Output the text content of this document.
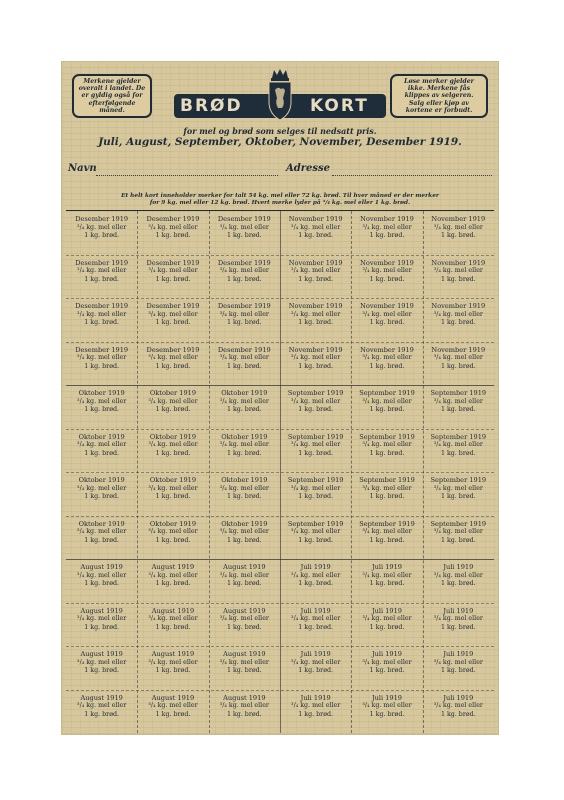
Merkene gjelder
overalt i landet. De
er gyldig også for
efterfølgende
måned.
Løse merker gjelder
ikke. Merkene fås
klippes av selgeren.
Salg eller kjøp av
kortene er forbudt.
BRØD	KORT
for mel og brød som selges til nedsatt pris.
Juli, August, September, Oktober, November, Desember 1919.
Navn	Adresse
Et helt kort inneholder merker for talt 54 kg. mel eller 72 kg. brød. Til hver måned er der merker
for 9 kg. mel eller 12 kg. brød. Hvert merke lyder på ³/₄ kg. mel eller 1 kg. brød.
Desember 1919
³/₄ kg. mel eller
1 kg. brød.
Desember 1919
³/₄ kg. mel eller
1 kg. brød.
Desember 1919
³/₄ kg. mel eller
1 kg. brød.
November 1919
³/₄ kg. mel eller
1 kg. brød.
November 1919
³/₄ kg. mel eller
1 kg. brød.
November 1919
³/₄ kg. mel eller
1 kg. brød.
Desember 1919
³/₄ kg. mel eller
1 kg. brød.
Desember 1919
³/₄ kg. mel eller
1 kg. brød.
Desember 1919
³/₄ kg. mel eller
1 kg. brød.
November 1919
³/₄ kg. mel eller
1 kg. brød.
November 1919
³/₄ kg. mel eller
1 kg. brød.
November 1919
³/₄ kg. mel eller
1 kg. brød.
Desember 1919
³/₄ kg. mel eller
1 kg. brød.
Desember 1919
³/₄ kg. mel eller
1 kg. brød.
Desember 1919
³/₄ kg. mel eller
1 kg. brød.
November 1919
³/₄ kg. mel eller
1 kg. brød.
November 1919
³/₄ kg. mel eller
1 kg. brød.
November 1919
³/₄ kg. mel eller
1 kg. brød.
Desember 1919
³/₄ kg. mel eller
1 kg. brød.
Desember 1919
³/₄ kg. mel eller
1 kg. brød.
Desember 1919
³/₄ kg. mel eller
1 kg. brød.
November 1919
³/₄ kg. mel eller
1 kg. brød.
November 1919
³/₄ kg. mel eller
1 kg. brød.
November 1919
³/₄ kg. mel eller
1 kg. brød.
Oktober 1919
³/₄ kg. mel eller
1 kg. brød.
Oktober 1919
³/₄ kg. mel eller
1 kg. brød.
Oktober 1919
³/₄ kg. mel eller
1 kg. brød.
September 1919
³/₄ kg. mel eller
1 kg. brød.
September 1919
³/₄ kg. mel eller
1 kg. brød.
September 1919
³/₄ kg. mel eller
1 kg. brød.
Oktober 1919
³/₄ kg. mel eller
1 kg. brød.
Oktober 1919
³/₄ kg. mel eller
1 kg. brød.
Oktober 1919
³/₄ kg. mel eller
1 kg. brød.
September 1919
³/₄ kg. mel eller
1 kg. brød.
September 1919
³/₄ kg. mel eller
1 kg. brød.
September 1919
³/₄ kg. mel eller
1 kg. brød.
Oktober 1919
³/₄ kg. mel eller
1 kg. brød.
Oktober 1919
³/₄ kg. mel eller
1 kg. brød.
Oktober 1919
³/₄ kg. mel eller
1 kg. brød.
September 1919
³/₄ kg. mel eller
1 kg. brød.
September 1919
³/₄ kg. mel eller
1 kg. brød.
September 1919
³/₄ kg. mel eller
1 kg. brød.
Oktober 1919
³/₄ kg. mel eller
1 kg. brød.
Oktober 1919
³/₄ kg. mel eller
1 kg. brød.
Oktober 1919
³/₄ kg. mel eller
1 kg. brød.
September 1919
³/₄ kg. mel eller
1 kg. brød.
September 1919
³/₄ kg. mel eller
1 kg. brød.
September 1919
³/₄ kg. mel eller
1 kg. brød.
August 1919
³/₄ kg. mel eller
1 kg. brød.
August 1919
³/₄ kg. mel eller
1 kg. brød.
August 1919
³/₄ kg. mel eller
1 kg. brød.
Juli 1919
³/₄ kg. mel eller
1 kg. brød.
Juli 1919
³/₄ kg. mel eller
1 kg. brød.
Juli 1919
³/₄ kg. mel eller
1 kg. brød.
August 1919
³/₄ kg. mel eller
1 kg. brød.
August 1919
³/₄ kg. mel eller
1 kg. brød.
August 1919
³/₄ kg. mel eller
1 kg. brød.
Juli 1919
³/₄ kg. mel eller
1 kg. brød.
Juli 1919
³/₄ kg. mel eller
1 kg. brød.
Juli 1919
³/₄ kg. mel eller
1 kg. brød.
August 1919
³/₄ kg. mel eller
1 kg. brød.
August 1919
³/₄ kg. mel eller
1 kg. brød.
August 1919
³/₄ kg. mel eller
1 kg. brød.
Juli 1919
³/₄ kg. mel eller
1 kg. brød.
Juli 1919
³/₄ kg. mel eller
1 kg. brød.
Juli 1919
³/₄ kg. mel eller
1 kg. brød.
August 1919
³/₄ kg. mel eller
1 kg. brød.
August 1919
³/₄ kg. mel eller
1 kg. brød.
August 1919
³/₄ kg. mel eller
1 kg. brød.
Juli 1919
³/₄ kg. mel eller
1 kg. brød.
Juli 1919
³/₄ kg. mel eller
1 kg. brød.
Juli 1919
³/₄ kg. mel eller
1 kg. brød.
